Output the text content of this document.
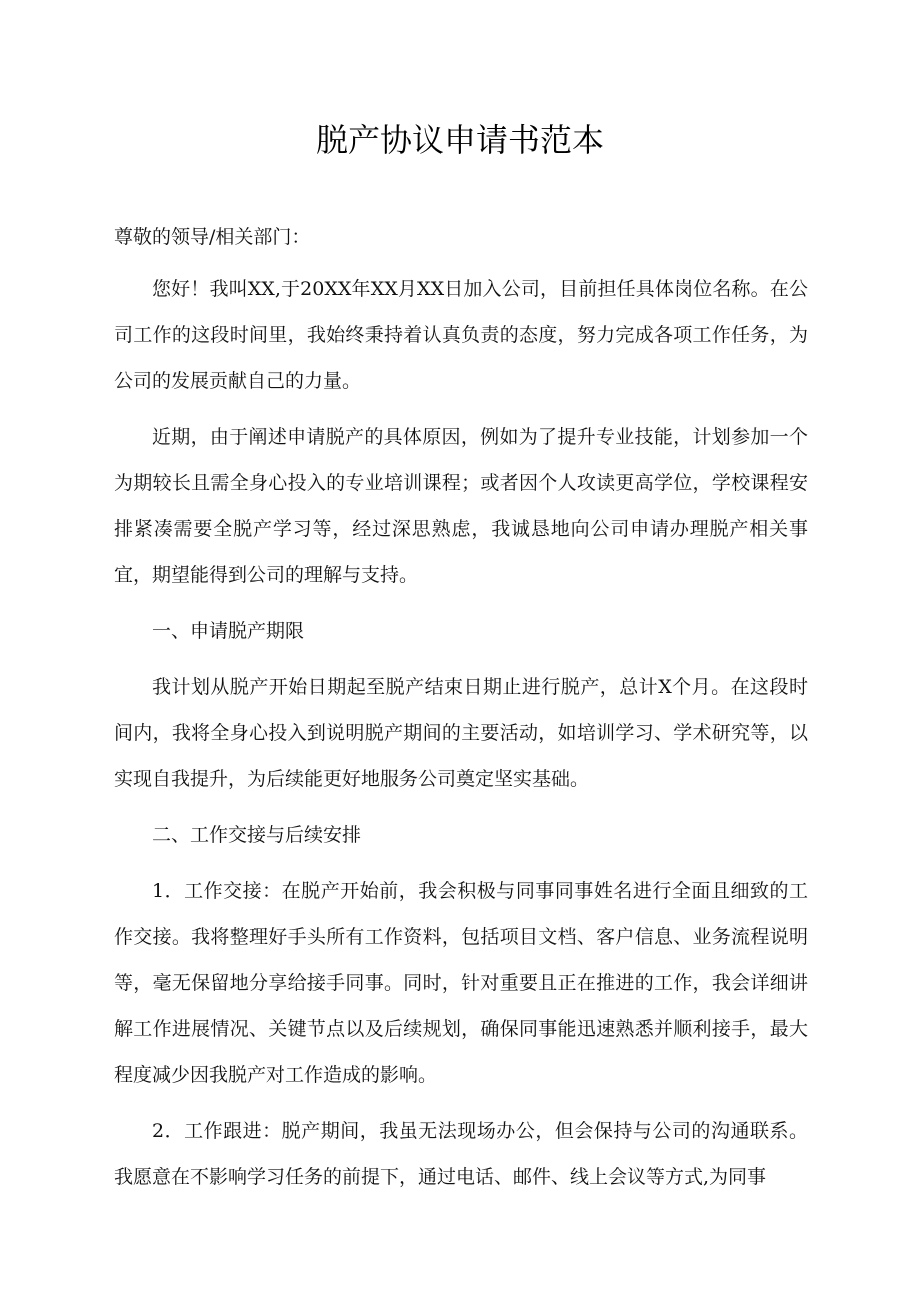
脱产协议申请书范本

尊敬的领导/相关部门：

您好！我叫XX,于20XX年XX月XX日加入公司，目前担任具体岗位名称。在公司工作的这段时间里，我始终秉持着认真负责的态度，努力完成各项工作任务，为公司的发展贡献自己的力量。

近期，由于阐述申请脱产的具体原因，例如为了提升专业技能，计划参加一个为期较长且需全身心投入的专业培训课程；或者因个人攻读更高学位，学校课程安排紧凑需要全脱产学习等，经过深思熟虑，我诚恳地向公司申请办理脱产相关事宜，期望能得到公司的理解与支持。

一、申请脱产期限

我计划从脱产开始日期起至脱产结束日期止进行脱产，总计X个月。在这段时间内，我将全身心投入到说明脱产期间的主要活动，如培训学习、学术研究等，以实现自我提升，为后续能更好地服务公司奠定坚实基础。

二、工作交接与后续安排

1．工作交接：在脱产开始前，我会积极与同事同事姓名进行全面且细致的工作交接。我将整理好手头所有工作资料，包括项目文档、客户信息、业务流程说明等，毫无保留地分享给接手同事。同时，针对重要且正在推进的工作，我会详细讲解工作进展情况、关键节点以及后续规划，确保同事能迅速熟悉并顺利接手，最大程度减少因我脱产对工作造成的影响。

2．工作跟进：脱产期间，我虽无法现场办公，但会保持与公司的沟通联系。我愿意在不影响学习任务的前提下，通过电话、邮件、线上会议等方式,为同事
